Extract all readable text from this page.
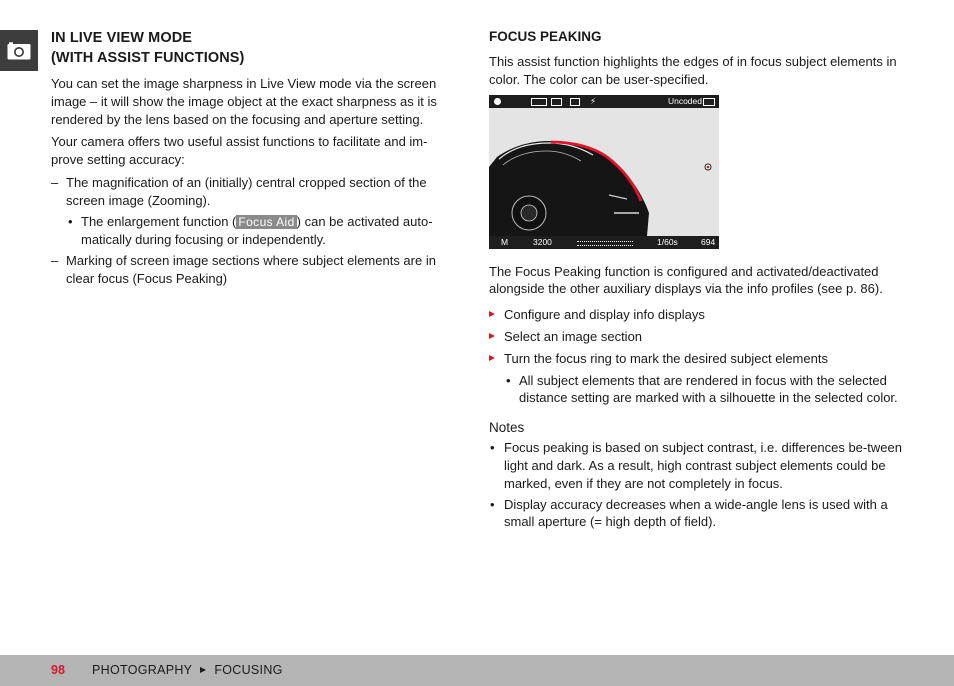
IN LIVE VIEW MODE
(WITH ASSIST FUNCTIONS)

You can set the image sharpness in Live View mode via the screen image – it will show the image object at the exact sharpness as it is rendered by the lens based on the focusing and aperture setting.

Your camera offers two useful assist functions to facilitate and im-prove setting accuracy:

– The magnification of an (initially) central cropped section of the screen image (Zooming).
• The enlargement function ( Focus Aid ) can be activated auto-matically during focusing or independently.
– Marking of screen image sections where subject elements are in clear focus (Focus Peaking)
FOCUS PEAKING

This assist function highlights the edges of in focus subject elements in color. The color can be user-specified.

⚡	Uncoded
M	3200	1/60s	694

The Focus Peaking function is configured and activated/deactivated alongside the other auxiliary displays via the info profiles (see p. 86).

Configure and display info displays
Select an image section
Turn the focus ring to mark the desired subject elements
• All subject elements that are rendered in focus with the selected distance setting are marked with a silhouette in the selected color.
Notes
• Focus peaking is based on subject contrast, i.e. differences be-tween light and dark. As a result, high contrast subject elements could be marked, even if they are not completely in focus.
• Display accuracy decreases when a wide-angle lens is used with a small aperture (= high depth of field).
98 PHOTOGRAPHY FOCUSING
